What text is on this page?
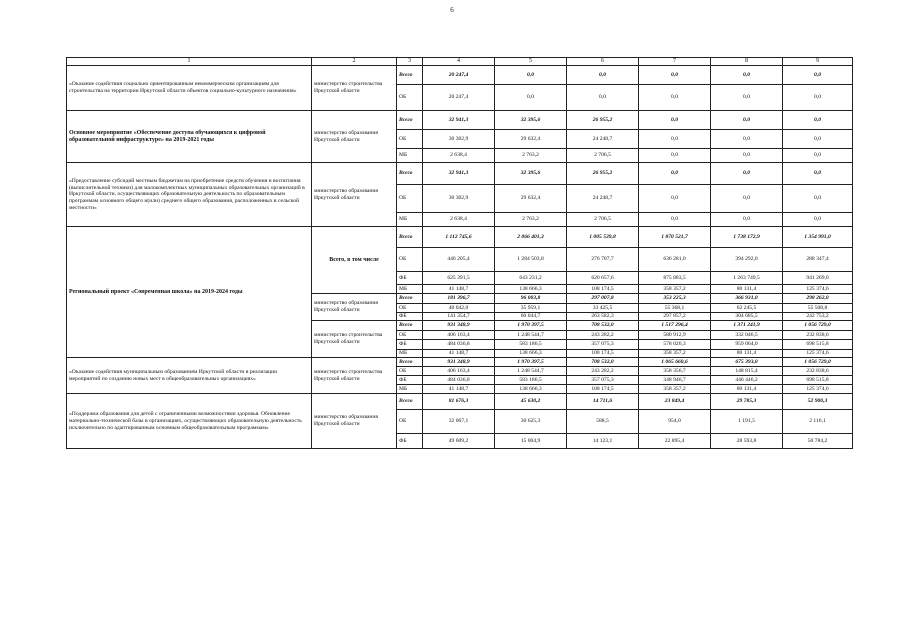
6
1	2	3	4	5	6	7	8	9
«Оказание содействия социально ориентированным некоммерческим организациям для строительства на территории Иркутской области объектов социально-культурного назначения»	министерство строительства Иркутской области	Всего	20 247,4	0,0	0,0	0,0	0,0	0,0
		ОБ	20 247,4	0,0	0,0	0,0	0,0	0,0
Основное мероприятие «Обеспечение доступа обучающихся к цифровой образовательной инфраструктуре» на 2019-2021 годы	министерство образования Иркутской области	Всего	32 941,3	32 395,6	26 955,2	0,0	0,0	0,0
		ОБ	30 302,9	29 632,4	24 248,7	0,0	0,0	0,0
		МБ	2 638,4	2 763,2	2 706,5	0,0	0,0	0,0
«Предоставление субсидий местным бюджетам на приобретение средств обучения и воспитания (вычислительной техники) для малокомплектных муниципальных образовательных организаций в Иркутской области, осуществляющих образовательную деятельность по образовательным программам основного общего и(или) среднего общего образования, расположенных в сельской местности»	министерство образования Иркутской области	Всего	32 941,3	32 395,6	26 955,2	0,0	0,0	0,0
		ОБ	30 302,9	29 632,4	24 248,7	0,0	0,0	0,0
		МБ	2 638,4	2 763,2	2 706,5	0,0	0,0	0,0
Региональный проект «Современная школа» на 2019-2024 годы	Всего, в том числе	Всего	1 112 745,6	2 066 401,3	1 005 539,8	1 870 521,7	1 738 172,9	1 354 991,0
		ОБ	446 205,4	1 284 503,8	276 707,7	636 281,0	394 292,0	288 347,4
		ФБ	625 391,5	643 231,2	620 657,6	875 883,5	1 263 749,5	941 269,0
		МБ	41 148,7	138 666,3	108 174,5	358 357,2	80 131,4	125 374,6
	министерство образования Иркутской области	Всего	181 396,7	96 003,8	297 007,8	353 225,3	366 931,0	298 262,0
		ОБ	40 042,0	35 959,1	33 425,5	55 368,1	62 245,5	55 508,8
		ФБ	141 354,7	60 044,7	263 582,3	297 857,2	304 685,5	242 753,2
	министерство строительства Иркутской области	Всего	931 348,9	1 970 397,5	708 532,0	1 517 296,4	1 371 241,9	1 056 729,0
		ОБ	406 163,4	1 248 544,7	243 282,2	580 912,9	332 046,5	232 838,6
		ФБ	484 036,8	583 186,5	357 075,3	578 026,3	959 064,0	698 515,8
		МБ	41 148,7	138 666,3	108 174,5	358 357,2	80 131,4	125 374,6
«Оказание содействия муниципальным образованиям Иркутской области в реализации мероприятий по созданию новых мест в общеобразовательных организациях»	министерство строительства Иркутской области	Всего	931 348,9	1 970 397,5	708 532,0	1 065 660,6	675 393,0	1 056 729,0
		ОБ	406 163,4	1 248 544,7	243 282,2	358 356,7	148 815,4	232 838,6
		ФБ	484 036,8	583 186,5	357 075,3	348 946,7	446 446,2	698 515,8
		МБ	41 148,7	138 666,3	108 174,5	358 357,2	80 131,4	125 374,6
«Поддержка образования для детей с ограниченными возможностями здоровья. Обновление материально-технической базы в организациях, осуществляющих образовательную деятельность исключительно по адаптированным основным общеобразовательным программам»	министерство образования Иркутской области	Всего	81 676,3	45 630,2	14 711,6	23 849,4	29 785,3	52 900,3
		ОБ	32 067,1	30 625,3	588,5	954,0	1 191,5	2 116,1
		ФБ	49 609,2	15 004,9	14 123,1	22 895,4	28 593,8	50 784,2
